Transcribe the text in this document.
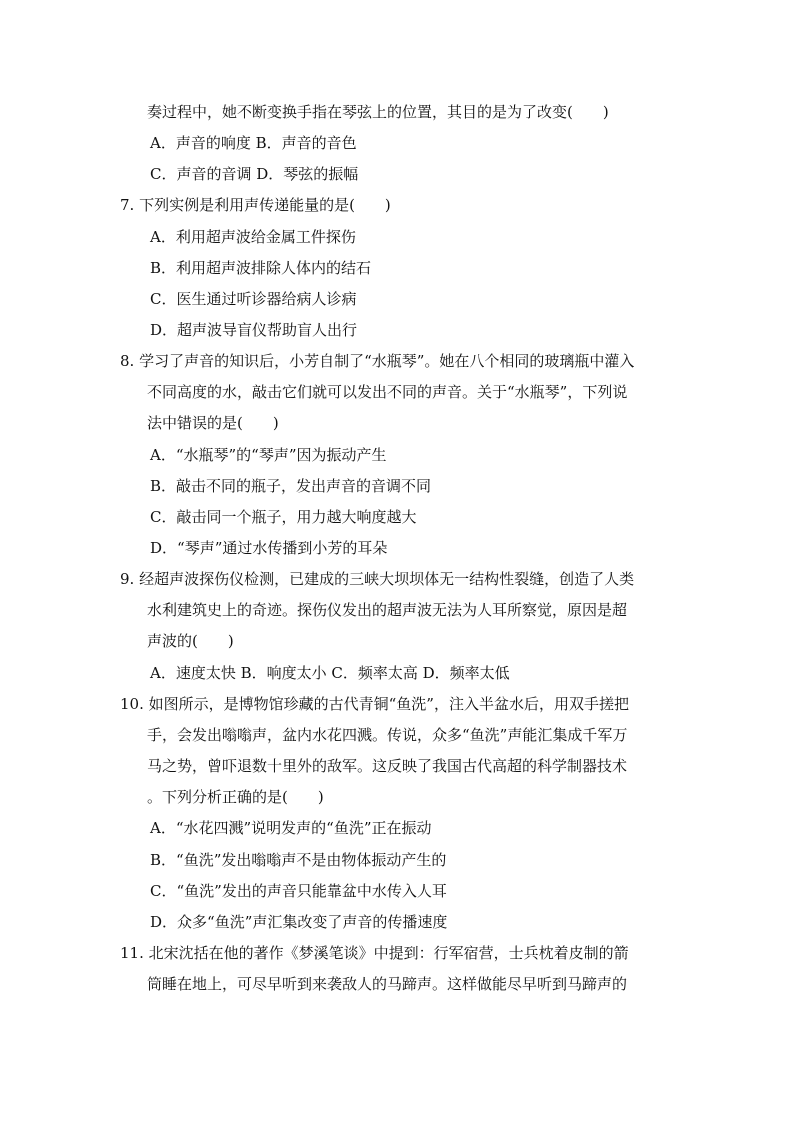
奏过程中，她不断变换手指在琴弦上的位置，其目的是为了改变(　　)
A．声音的响度 B．声音的音色
C．声音的音调 D．琴弦的振幅
7. 下列实例是利用声传递能量的是(　　)
A．利用超声波给金属工件探伤
B．利用超声波排除人体内的结石
C．医生通过听诊器给病人诊病
D．超声波导盲仪帮助盲人出行
8. 学习了声音的知识后，小芳自制了“水瓶琴”。她在八个相同的玻璃瓶中灌入
不同高度的水，敲击它们就可以发出不同的声音。关于“水瓶琴”，下列说
法中错误的是(　　)
A．“水瓶琴”的“琴声”因为振动产生
B．敲击不同的瓶子，发出声音的音调不同
C．敲击同一个瓶子，用力越大响度越大
D．“琴声”通过水传播到小芳的耳朵
9. 经超声波探伤仪检测，已建成的三峡大坝坝体无一结构性裂缝，创造了人类
水利建筑史上的奇迹。探伤仪发出的超声波无法为人耳所察觉，原因是超
声波的(　　)
A．速度太快 B．响度太小 C．频率太高 D．频率太低
10. 如图所示，是博物馆珍藏的古代青铜“鱼洗”，注入半盆水后，用双手搓把
手，会发出嗡嗡声，盆内水花四溅。传说，众多“鱼洗”声能汇集成千军万
马之势，曾吓退数十里外的敌军。这反映了我国古代高超的科学制器技术
。下列分析正确的是(　　)
A．“水花四溅”说明发声的“鱼洗”正在振动
B．“鱼洗”发出嗡嗡声不是由物体振动产生的
C．“鱼洗”发出的声音只能靠盆中水传入人耳
D．众多“鱼洗”声汇集改变了声音的传播速度
11. 北宋沈括在他的著作《梦溪笔谈》中提到：行军宿营，士兵枕着皮制的箭
筒睡在地上，可尽早听到来袭敌人的马蹄声。这样做能尽早听到马蹄声的
